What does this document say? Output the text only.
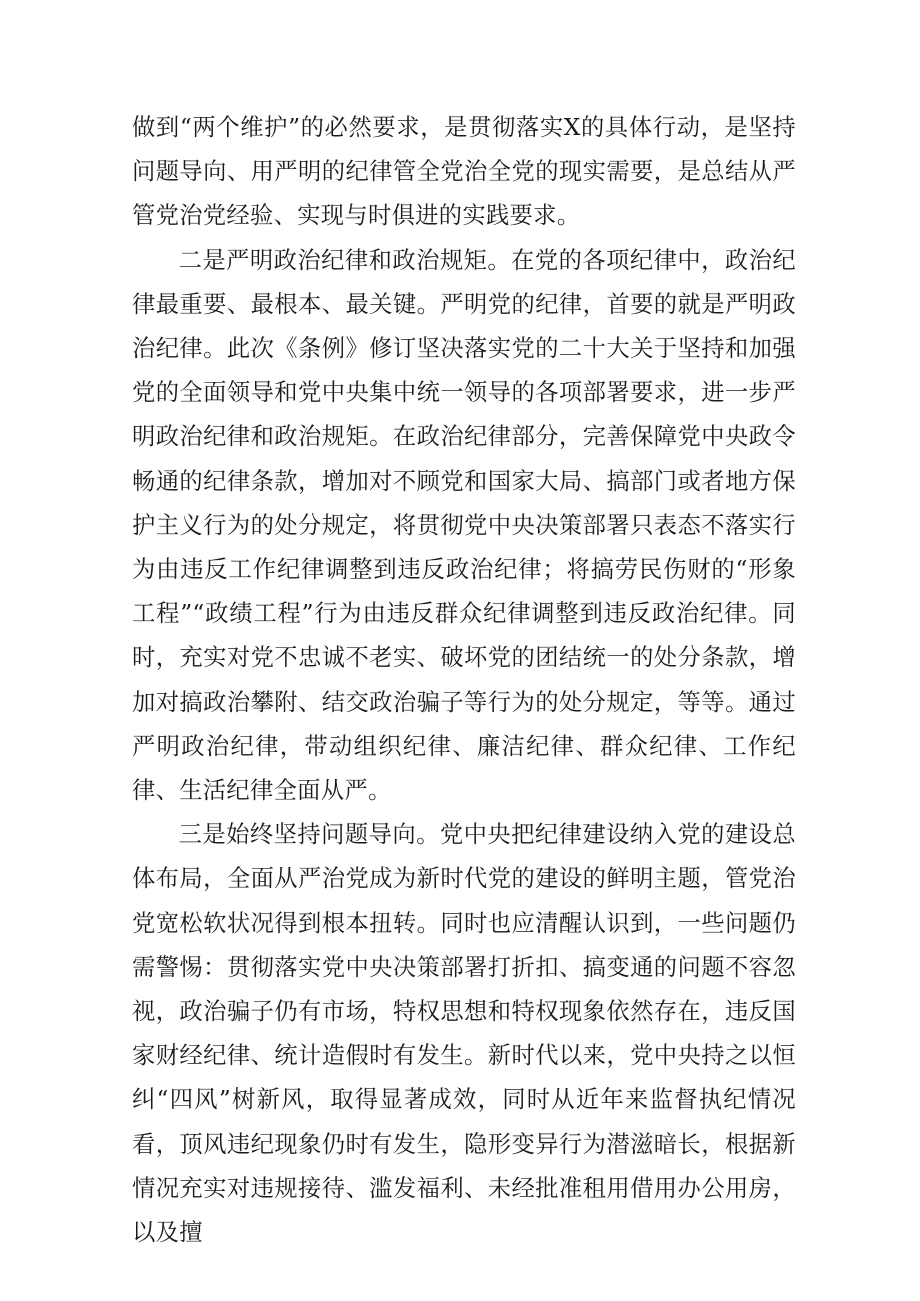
做到“两个维护”的必然要求，是贯彻落实X的具体行动，是坚持问题导向、用严明的纪律管全党治全党的现实需要，是总结从严管党治党经验、实现与时俱进的实践要求。

二是严明政治纪律和政治规矩。在党的各项纪律中，政治纪律最重要、最根本、最关键。严明党的纪律，首要的就是严明政治纪律。此次《条例》修订坚决落实党的二十大关于坚持和加强党的全面领导和党中央集中统一领导的各项部署要求，进一步严明政治纪律和政治规矩。在政治纪律部分，完善保障党中央政令畅通的纪律条款，增加对不顾党和国家大局、搞部门或者地方保护主义行为的处分规定，将贯彻党中央决策部署只表态不落实行为由违反工作纪律调整到违反政治纪律；将搞劳民伤财的“形象工程”“政绩工程”行为由违反群众纪律调整到违反政治纪律。同时，充实对党不忠诚不老实、破坏党的团结统一的处分条款，增加对搞政治攀附、结交政治骗子等行为的处分规定，等等。通过严明政治纪律，带动组织纪律、廉洁纪律、群众纪律、工作纪律、生活纪律全面从严。

三是始终坚持问题导向。党中央把纪律建设纳入党的建设总体布局，全面从严治党成为新时代党的建设的鲜明主题，管党治党宽松软状况得到根本扭转。同时也应清醒认识到，一些问题仍需警惕：贯彻落实党中央决策部署打折扣、搞变通的问题不容忽视，政治骗子仍有市场，特权思想和特权现象依然存在，违反国家财经纪律、统计造假时有发生。新时代以来，党中央持之以恒纠“四风”树新风，取得显著成效，同时从近年来监督执纪情况看，顶风违纪现象仍时有发生，隐形变异行为潜滋暗长，根据新情况充实对违规接待、滥发福利、未经批准租用借用办公用房，以及擅
